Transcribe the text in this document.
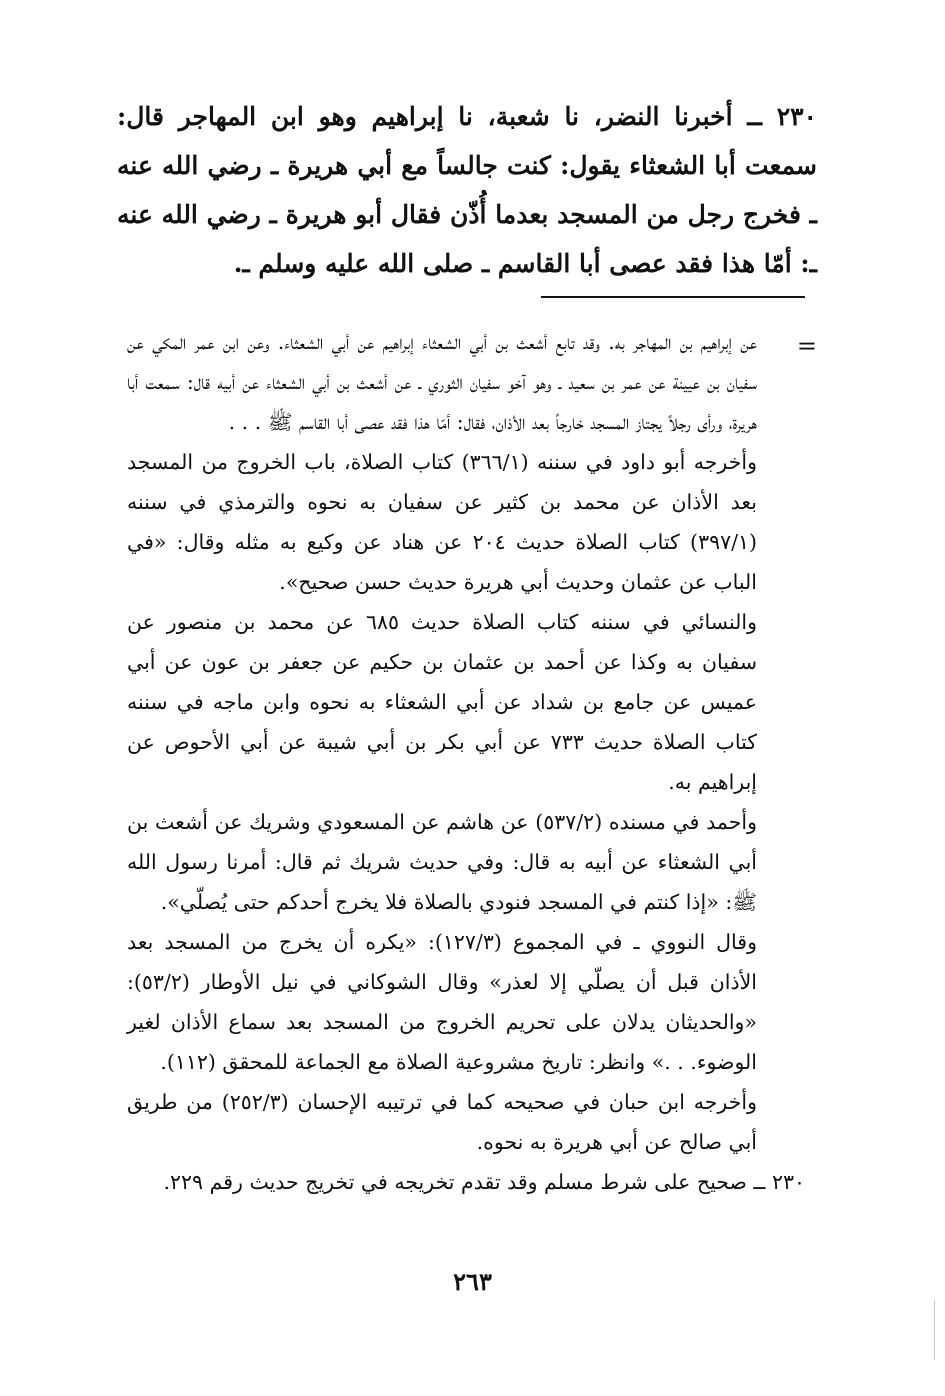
٢٣٠ ــ أخبرنا النضر، نا شعبة، نا إبراهيم وهو ابن المهاجر قال: سمعت أبا الشعثاء يقول: كنت جالساً مع أبي هريرة ـ رضي الله عنه ـ فخرج رجل من المسجد بعدما أُذّن فقال أبو هريرة ـ رضي الله عنه ـ: أمّا هذا فقد عصى أبا القاسم ـ صلى الله عليه وسلم ـ.

=

عن إبراهيم بن المهاجر به. وقد تابع أشعث بن أبي الشعثاء إبراهيم عن أبي الشعثاء. وعن ابن عمر المكي عن سفيان بن عيينة عن عمر بن سعيد ـ وهو آخو سفيان الثوري ـ عن أشعث بن أبي الشعثاء عن أبيه قال: سمعت أبا هريرة، ورأى رجلاً يجتاز المسجد خارجاً بعد الأذان، فقال: أمّا هذا فقد عصى أبا القاسم ﷺ . . .

وأخرجه أبو داود في سننه (٣٦٦/١) كتاب الصلاة، باب الخروج من المسجد بعد الأذان عن محمد بن كثير عن سفيان به نحوه والترمذي في سننه (٣٩٧/١) كتاب الصلاة حديث ٢٠٤ عن هناد عن وكيع به مثله وقال: «في الباب عن عثمان وحديث أبي هريرة حديث حسن صحيح».

والنسائي في سننه كتاب الصلاة حديث ٦٨٥ عن محمد بن منصور عن سفيان به وكذا عن أحمد بن عثمان بن حكيم عن جعفر بن عون عن أبي عميس عن جامع بن شداد عن أبي الشعثاء به نحوه وابن ماجه في سننه كتاب الصلاة حديث ٧٣٣ عن أبي بكر بن أبي شيبة عن أبي الأحوص عن إبراهيم به.

وأحمد في مسنده (٥٣٧/٢) عن هاشم عن المسعودي وشريك عن أشعث بن أبي الشعثاء عن أبيه به قال: وفي حديث شريك ثم قال: أمرنا رسول الله ﷺ: «إذا كنتم في المسجد فنودي بالصلاة فلا يخرج أحدكم حتى يُصلّي».

وقال النووي ـ في المجموع (١٢٧/٣): «يكره أن يخرج من المسجد بعد الأذان قبل أن يصلّي إلا لعذر» وقال الشوكاني في نيل الأوطار (٥٣/٢): «والحديثان يدلان على تحريم الخروج من المسجد بعد سماع الأذان لغير الوضوء. . .» وانظر: تاريخ مشروعية الصلاة مع الجماعة للمحقق (١١٢).

وأخرجه ابن حبان في صحيحه كما في ترتيبه الإحسان (٢٥٢/٣) من طريق أبي صالح عن أبي هريرة به نحوه.

٢٣٠ ــ صحيح على شرط مسلم وقد تقدم تخريجه في تخريج حديث رقم ٢٢٩.

٢٦٣
